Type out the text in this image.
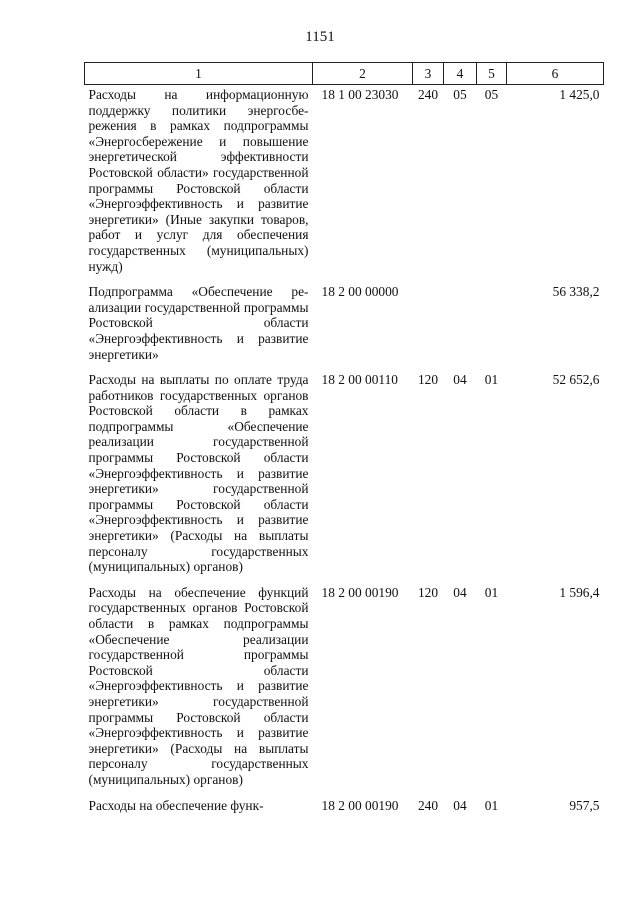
1151
1	2	3	4	5	6
Расходы на информационную поддержку политики энергосбережения в рамках подпрограммы «Энергосбережение и повышение энергетической эффективности Ростовской области» государственной программы Ростовской области «Энергоэффективность и развитие энергетики» (Иные закупки товаров, работ и услуг для обеспечения государственных (муниципальных) нужд)	18 1 00 23030	240	05	05	1 425,0
Подпрограмма «Обеспечение реализации государственной программы Ростовской области «Энергоэффективность и развитие энергетики»	18 2 00 00000				56 338,2
Расходы на выплаты по оплате труда работников государственных органов Ростовской области в рамках подпрограммы «Обеспечение реализации государственной программы Ростовской области «Энергоэффективность и развитие энергетики» государственной программы Ростовской области «Энергоэффективность и развитие энергетики» (Расходы на выплаты персоналу государственных (муниципальных) органов)	18 2 00 00110	120	04	01	52 652,6
Расходы на обеспечение функций государственных органов Ростовской области в рамках подпрограммы «Обеспечение реализации государственной программы Ростовской области «Энергоэффективность и развитие энергетики» государственной программы Ростовской области «Энергоэффективность и развитие энергетики» (Расходы на выплаты персоналу государственных (муниципальных) органов)	18 2 00 00190	120	04	01	1 596,4
Расходы на обеспечение функ-	18 2 00 00190	240	04	01	957,5
